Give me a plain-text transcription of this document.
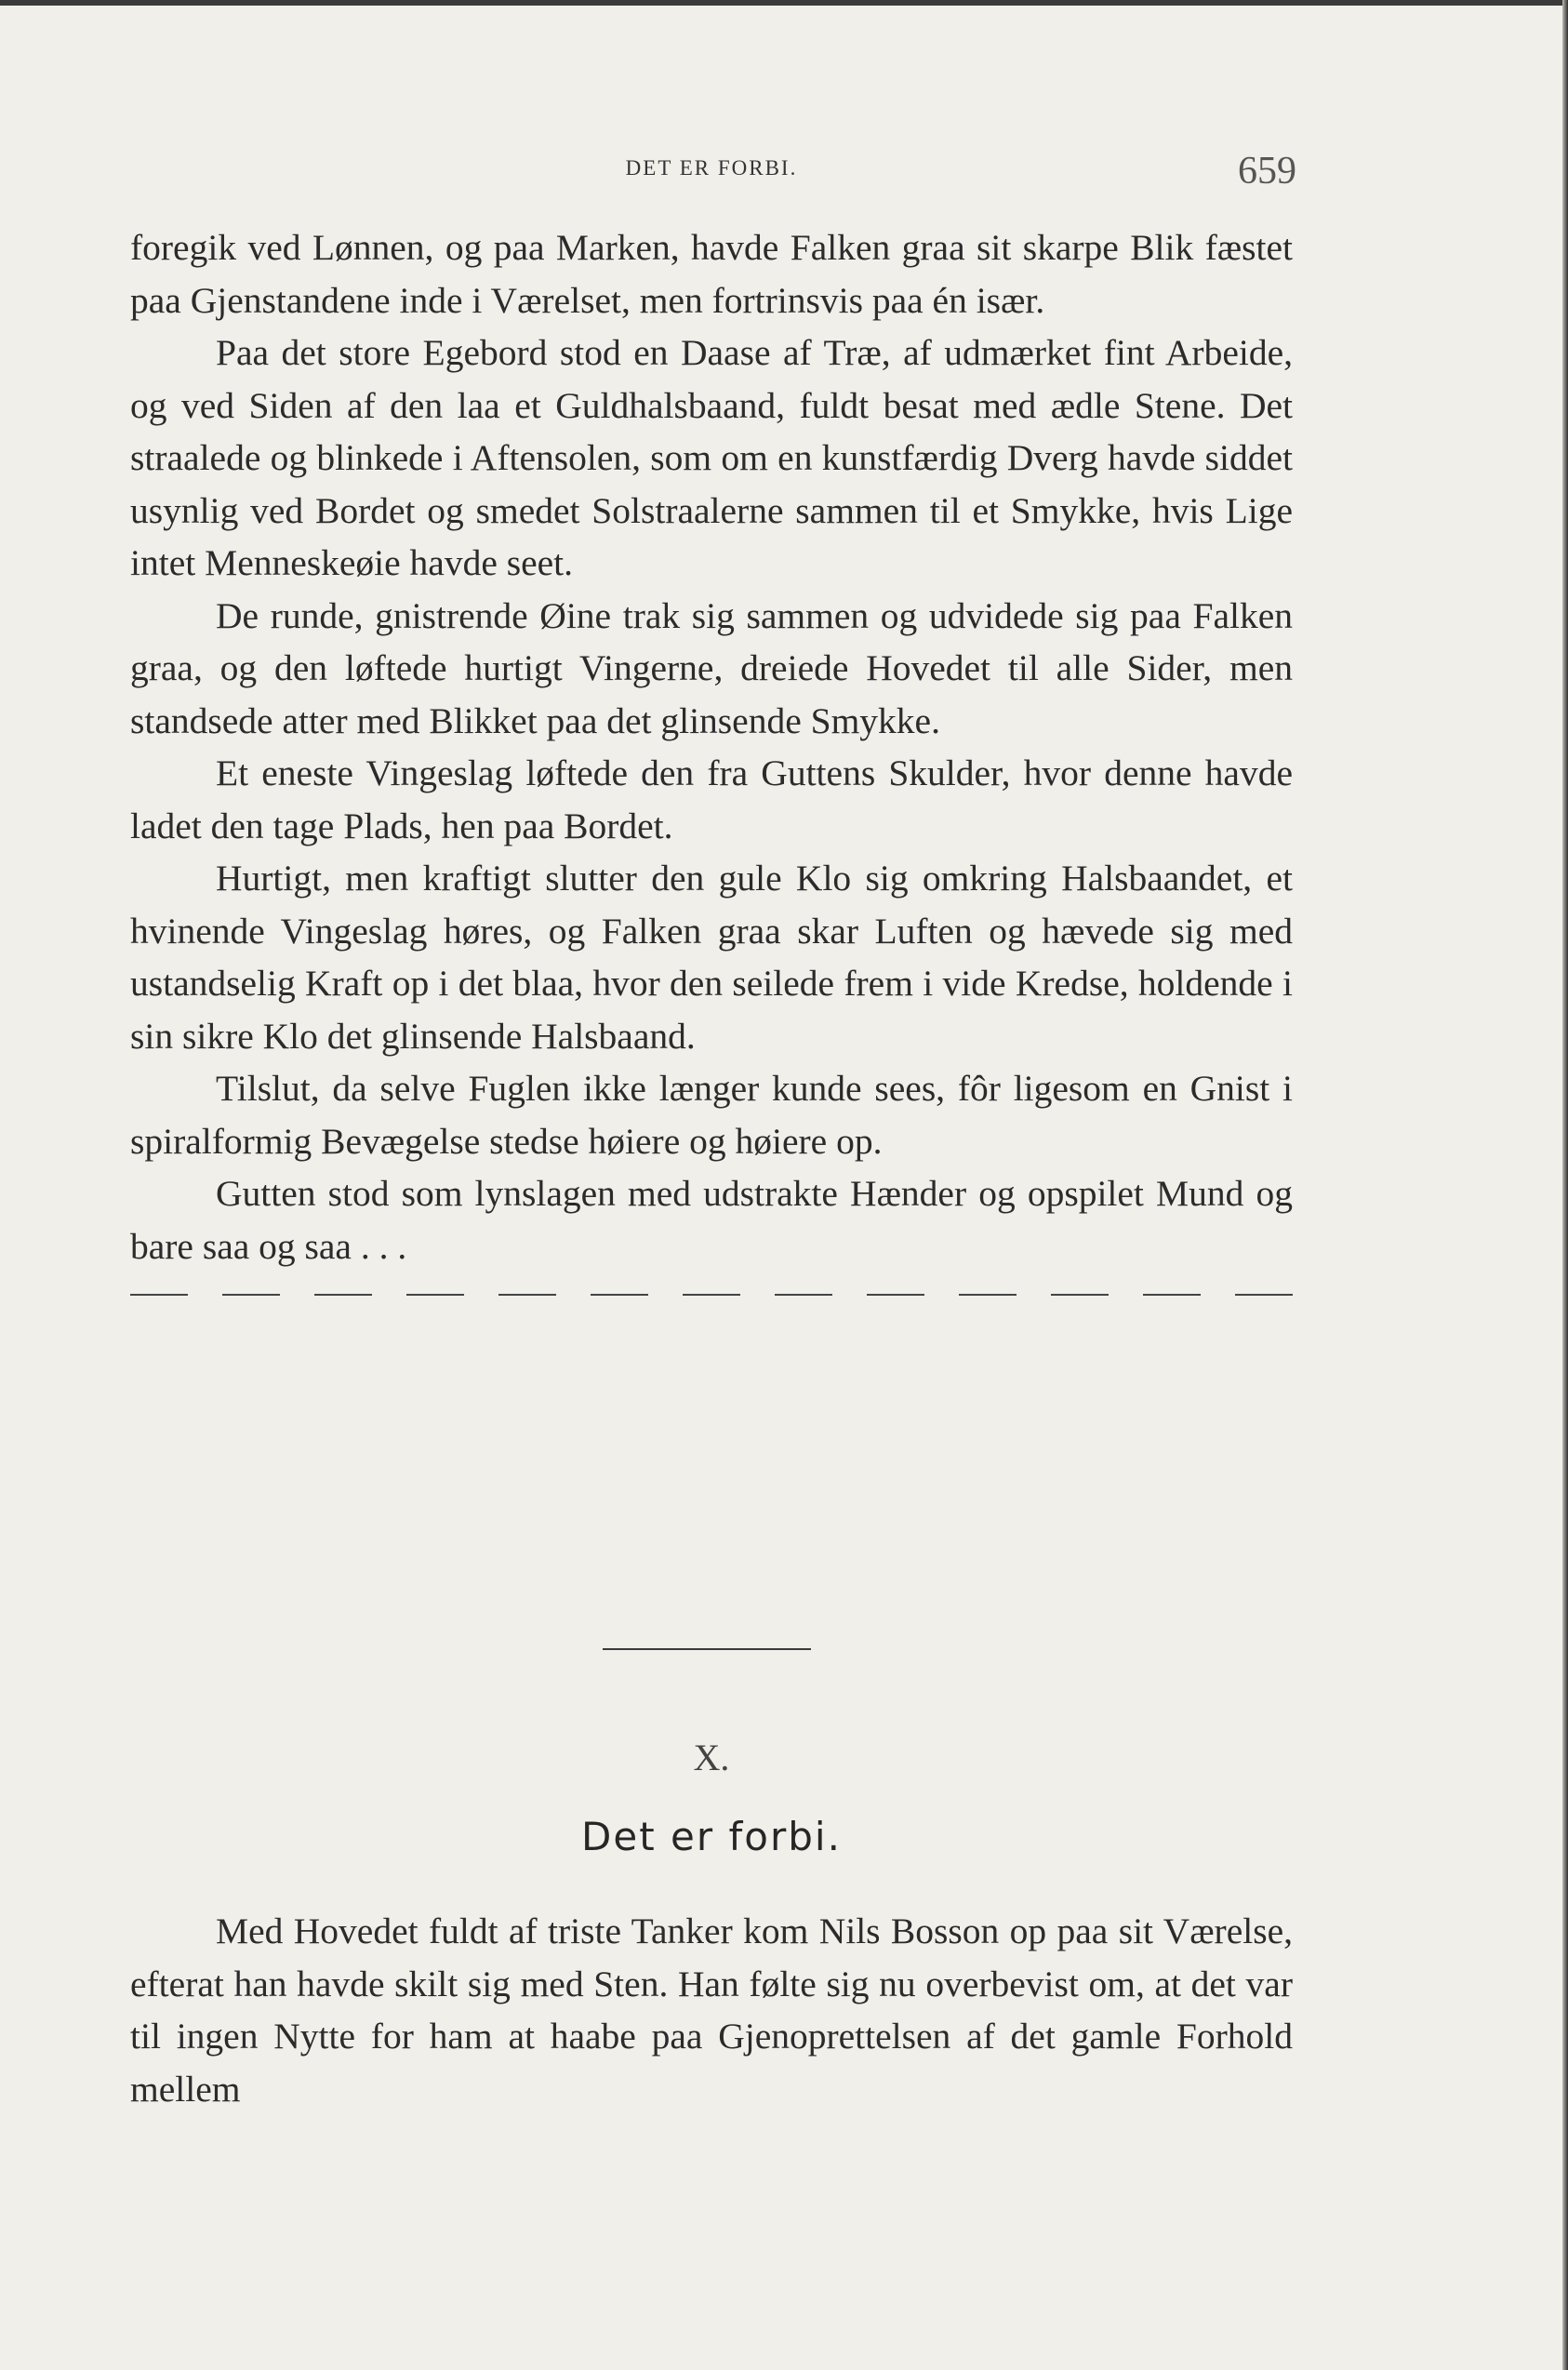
DET ER FORBI.	659

foregik ved Lønnen, og paa Marken, havde Falken graa sit skarpe Blik fæstet paa Gjenstandene inde i Værelset, men fortrinsvis paa én især.

Paa det store Egebord stod en Daase af Træ, af udmærket fint Arbeide, og ved Siden af den laa et Guldhalsbaand, fuldt besat med ædle Stene. Det straalede og blinkede i Aftensolen, som om en kunstfærdig Dverg havde siddet usynlig ved Bordet og smedet Solstraalerne sammen til et Smykke, hvis Lige intet Menneskeøie havde seet.

De runde, gnistrende Øine trak sig sammen og udvidede sig paa Falken graa, og den løftede hurtigt Vingerne, dreiede Hovedet til alle Sider, men standsede atter med Blikket paa det glinsende Smykke.

Et eneste Vingeslag løftede den fra Guttens Skulder, hvor denne havde ladet den tage Plads, hen paa Bordet.

Hurtigt, men kraftigt slutter den gule Klo sig omkring Halsbaandet, et hvinende Vingeslag høres, og Falken graa skar Luften og hævede sig med ustandselig Kraft op i det blaa, hvor den seilede frem i vide Kredse, holdende i sin sikre Klo det glinsende Halsbaand.

Tilslut, da selve Fuglen ikke længer kunde sees, fôr ligesom en Gnist i spiralformig Bevægelse stedse høiere og høiere op.

Gutten stod som lynslagen med udstrakte Hænder og opspilet Mund og bare saa og saa . . .

X.
Det er forbi.

Med Hovedet fuldt af triste Tanker kom Nils Bosson op paa sit Værelse, efterat han havde skilt sig med Sten. Han følte sig nu overbevist om, at det var til ingen Nytte for ham at haabe paa Gjenoprettelsen af det gamle Forhold mellem
